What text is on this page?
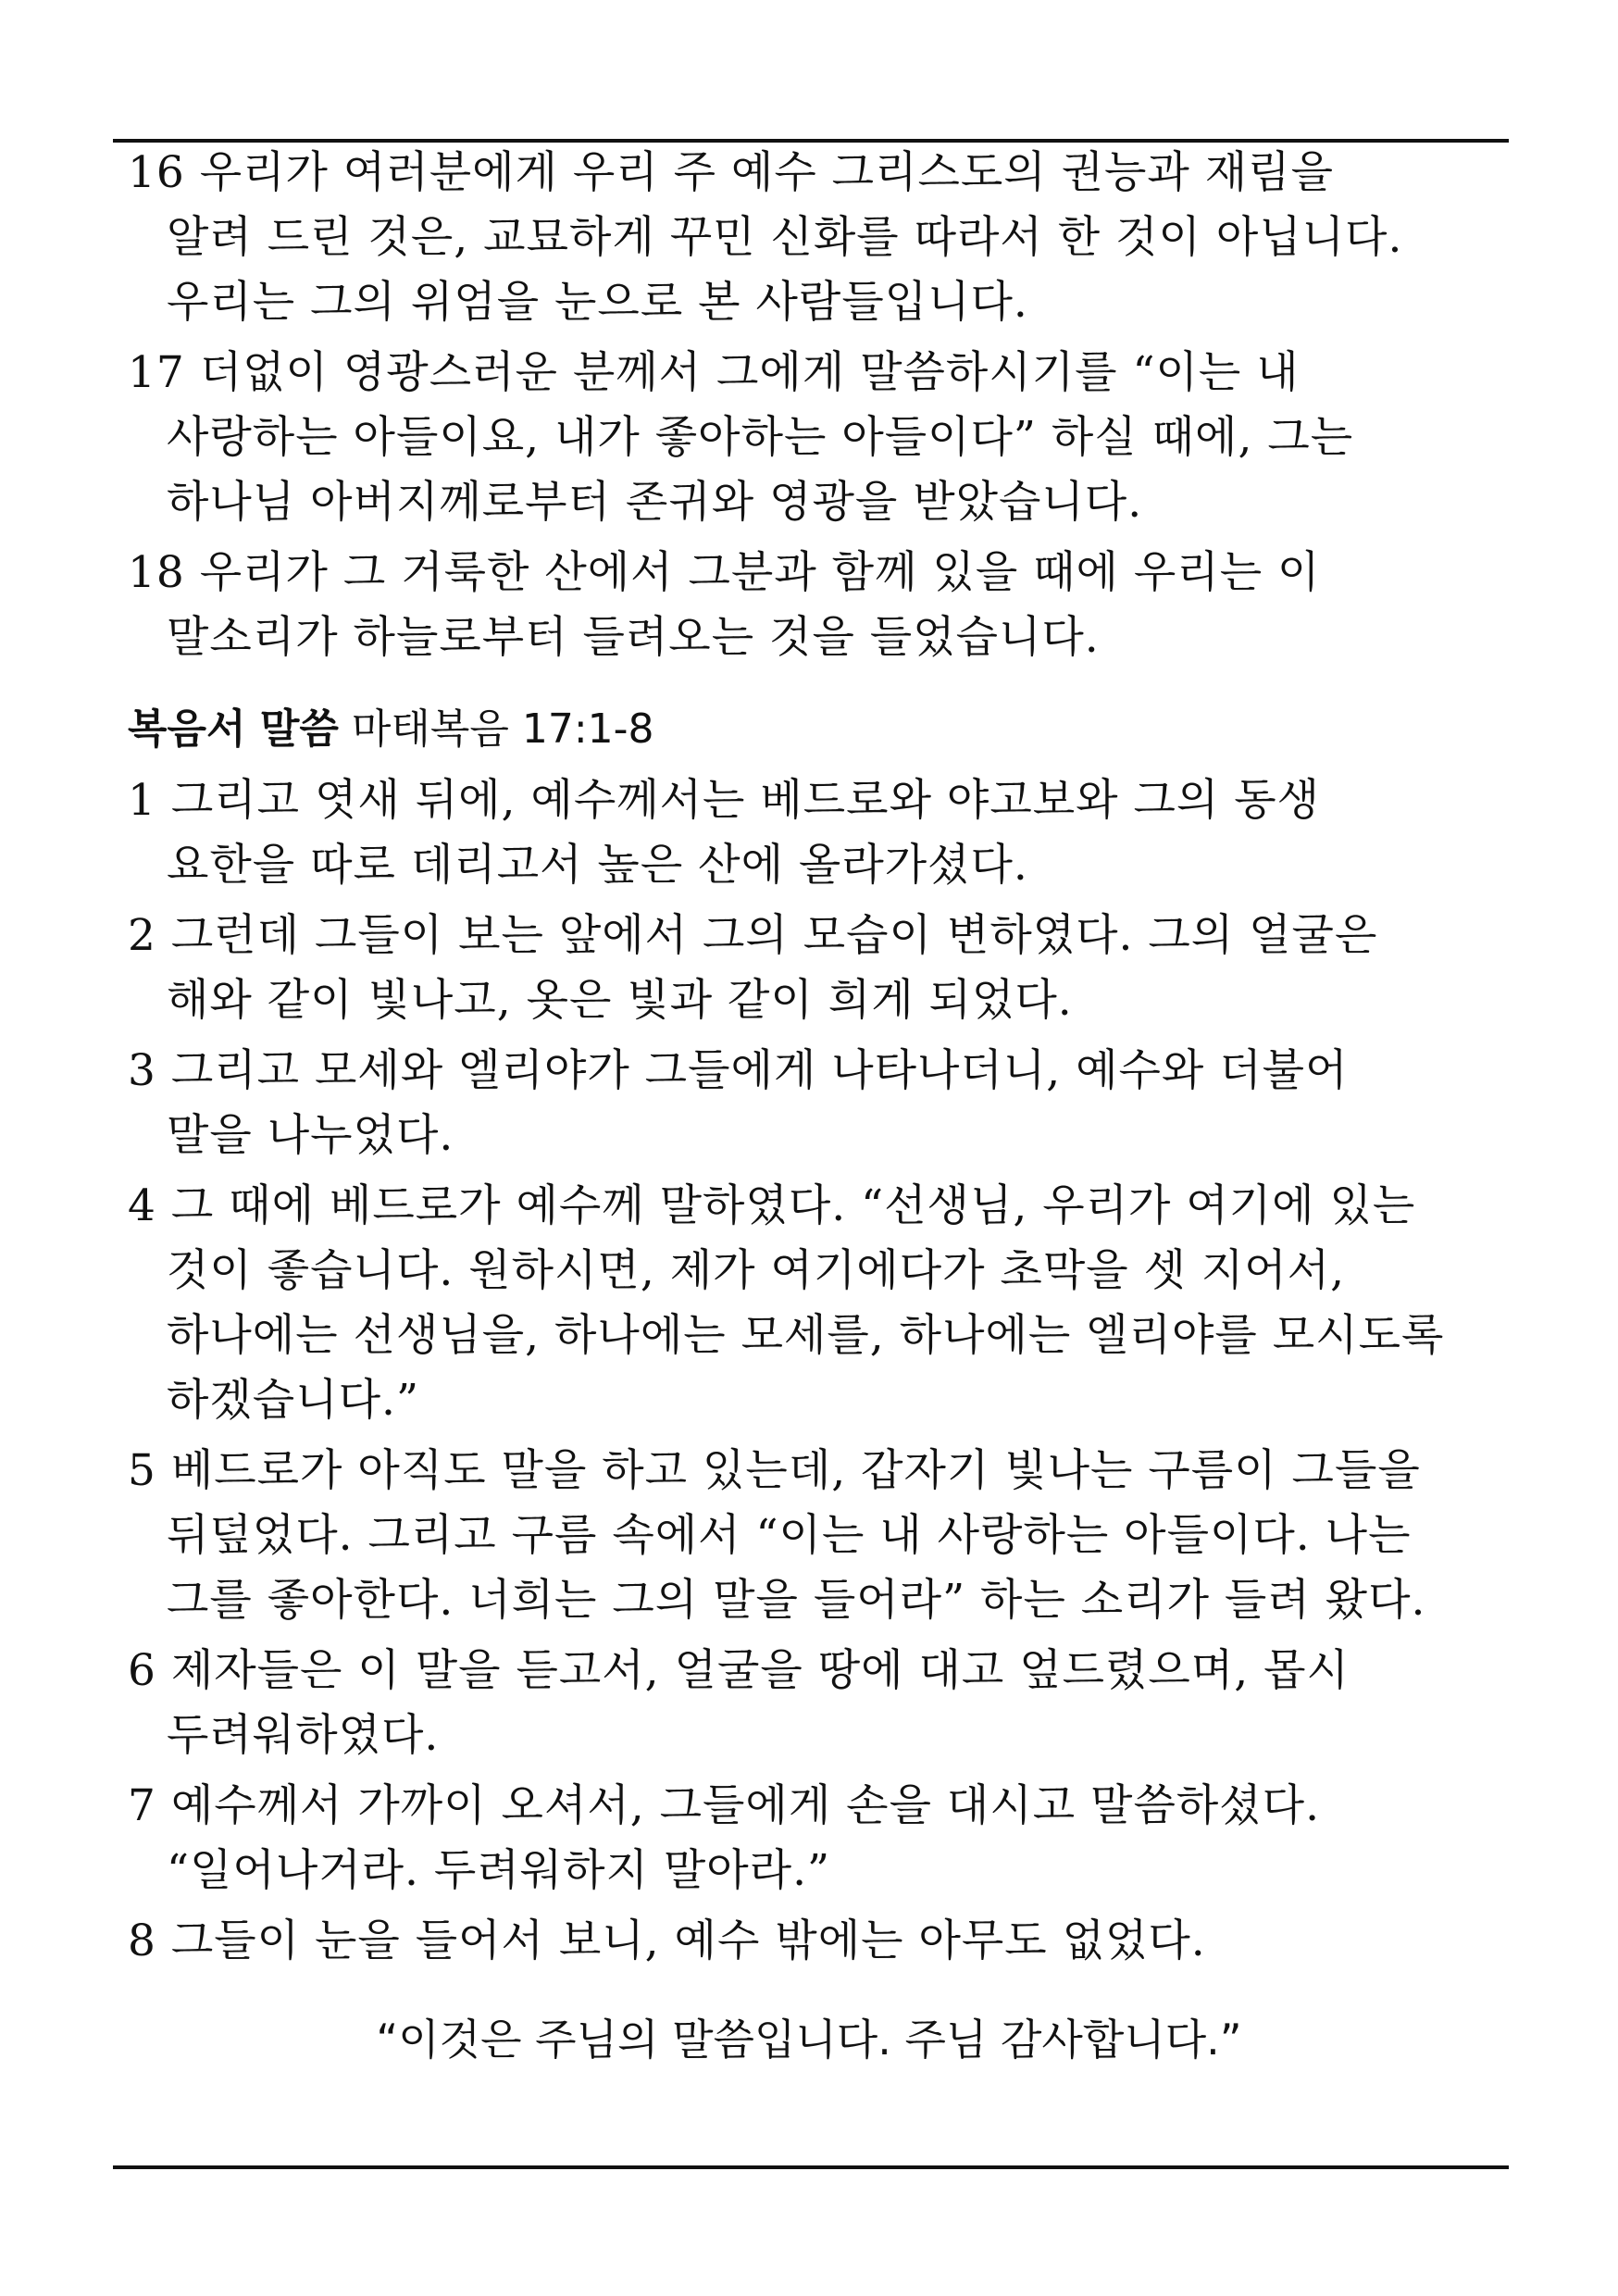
16 우리가 여러분에게 우리 주 예수 그리스도의 권능과 재림을
알려 드린 것은, 교묘하게 꾸민 신화를 따라서 한 것이 아닙니다.
우리는 그의 위엄을 눈으로 본 사람들입니다.

17 더없이 영광스러운 분께서 그에게 말씀하시기를 “이는 내
사랑하는 아들이요, 내가 좋아하는 아들이다” 하실 때에, 그는
하나님 아버지께로부터 존귀와 영광을 받았습니다.

18 우리가 그 거룩한 산에서 그분과 함께 있을 때에 우리는 이
말소리가 하늘로부터 들려오는 것을 들었습니다.

복음서 말씀 마태복음 17:1-8

1 그리고 엿새 뒤에, 예수께서는 베드로와 야고보와 그의 동생
요한을 따로 데리고서 높은 산에 올라가셨다.

2 그런데 그들이 보는 앞에서 그의 모습이 변하였다. 그의 얼굴은
해와 같이 빛나고, 옷은 빛과 같이 희게 되었다.

3 그리고 모세와 엘리야가 그들에게 나타나더니, 예수와 더불어
말을 나누었다.

4 그 때에 베드로가 예수께 말하였다. “선생님, 우리가 여기에 있는
것이 좋습니다. 원하시면, 제가 여기에다가 초막을 셋 지어서,
하나에는 선생님을, 하나에는 모세를, 하나에는 엘리야를 모시도록
하겠습니다.”

5 베드로가 아직도 말을 하고 있는데, 갑자기 빛나는 구름이 그들을
뒤덮었다. 그리고 구름 속에서 “이는 내 사랑하는 아들이다. 나는
그를 좋아한다. 너희는 그의 말을 들어라” 하는 소리가 들려 왔다.

6 제자들은 이 말을 듣고서, 얼굴을 땅에 대고 엎드렸으며, 몹시
두려워하였다.

7 예수께서 가까이 오셔서, 그들에게 손을 대시고 말씀하셨다.
“일어나거라. 두려워하지 말아라.”

8 그들이 눈을 들어서 보니, 예수 밖에는 아무도 없었다.

“이것은 주님의 말씀입니다. 주님 감사합니다.”
